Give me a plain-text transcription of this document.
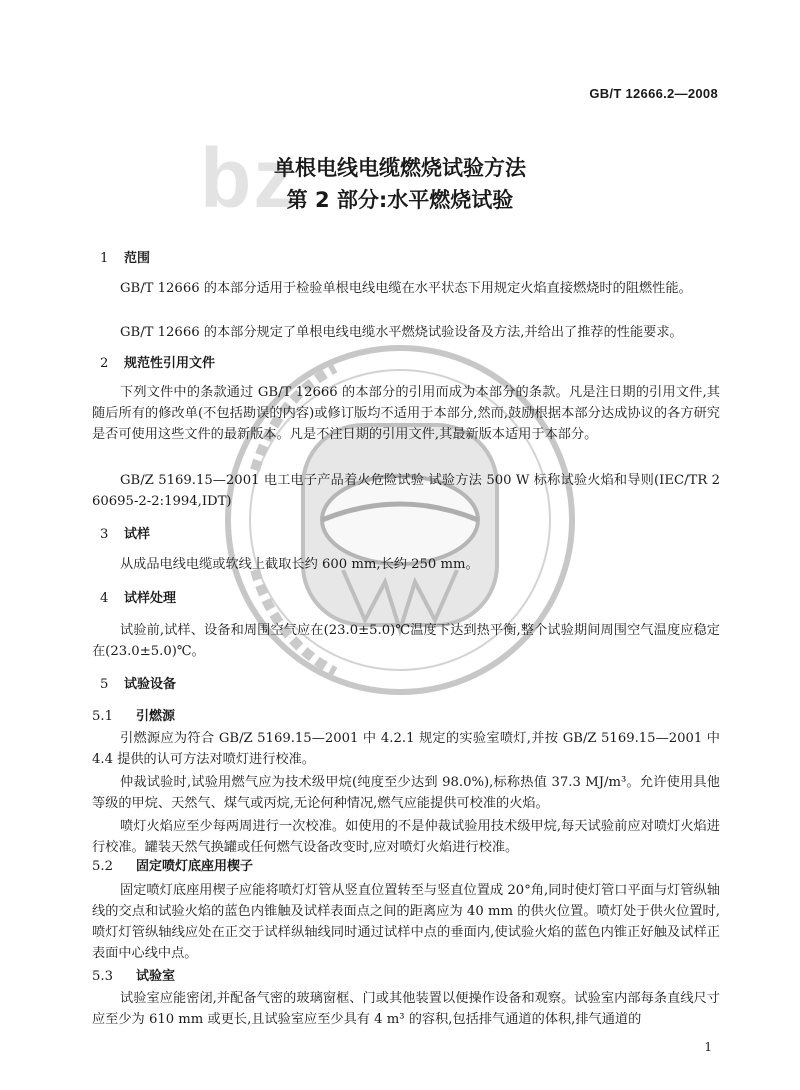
GB/T 12666.2—2008
bz
单根电线电缆燃烧试验方法
第 2 部分:水平燃烧试验
1 范围
GB/T 12666 的本部分适用于检验单根电线电缆在水平状态下用规定火焰直接燃烧时的阻燃性能。
GB/T 12666 的本部分规定了单根电线电缆水平燃烧试验设备及方法,并给出了推荐的性能要求。
2 规范性引用文件
下列文件中的条款通过 GB/T 12666 的本部分的引用而成为本部分的条款。凡是注日期的引用文件,其随后所有的修改单(不包括勘误的内容)或修订版均不适用于本部分,然而,鼓励根据本部分达成协议的各方研究是否可使用这些文件的最新版本。凡是不注日期的引用文件,其最新版本适用于本部分。
GB/Z 5169.15—2001 电工电子产品着火危险试验 试验方法 500 W 标称试验火焰和导则(IEC/TR 2 60695-2-2:1994,IDT)
3 试样
从成品电线电缆或软线上截取长约 600 mm,长约 250 mm。
4 试样处理
试验前,试样、设备和周围空气应在(23.0±5.0)℃温度下达到热平衡,整个试验期间周围空气温度应稳定在(23.0±5.0)℃。
5 试验设备
5.1 引燃源
引燃源应为符合 GB/Z 5169.15—2001 中 4.2.1 规定的实验室喷灯,并按 GB/Z 5169.15—2001 中 4.4 提供的认可方法对喷灯进行校准。
仲裁试验时,试验用燃气应为技术级甲烷(纯度至少达到 98.0%),标称热值 37.3 MJ/m³。允许使用具他等级的甲烷、天然气、煤气或丙烷,无论何种情况,燃气应能提供可校准的火焰。
喷灯火焰应至少每两周进行一次校准。如使用的不是仲裁试验用技术级甲烷,每天试验前应对喷灯火焰进行校准。罐装天然气换罐或任何燃气设备改变时,应对喷灯火焰进行校准。
5.2 固定喷灯底座用楔子
固定喷灯底座用楔子应能将喷灯灯管从竖直位置转至与竖直位置成 20°角,同时使灯管口平面与灯管纵轴线的交点和试验火焰的蓝色内锥触及试样表面点之间的距离应为 40 mm 的供火位置。喷灯处于供火位置时,喷灯灯管纵轴线应处在正交于试样纵轴线同时通过试样中点的垂面内,使试验火焰的蓝色内锥正好触及试样正表面中心线中点。
5.3 试验室
试验室应能密闭,并配备气密的玻璃窗框、门或其他装置以便操作设备和观察。试验室内部每条直线尺寸应至少为 610 mm 或更长,且试验室应至少具有 4 m³ 的容积,包括排气通道的体积,排气通道的
1
